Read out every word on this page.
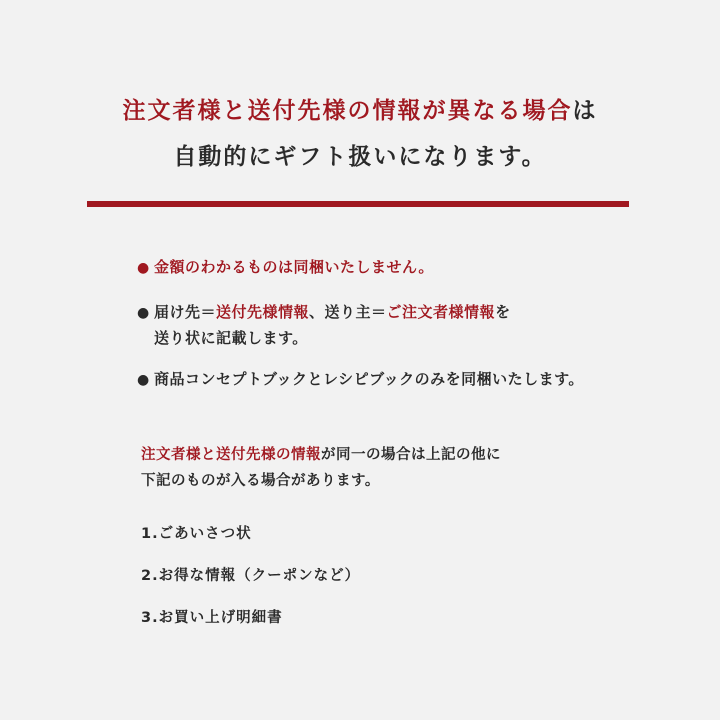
注文者様と送付先様の情報が異なる場合は
自動的にギフト扱いになります。
● 金額のわかるものは同梱いたしません。
● 届け先＝送付先様情報、送り主＝ご注文者様情報を
送り状に記載します。
● 商品コンセプトブックとレシピブックのみを同梱いたします。
注文者様と送付先様の情報が同一の場合は上記の他に
下記のものが入る場合があります。
1.ごあいさつ状
2.お得な情報（クーポンなど）
3.お買い上げ明細書
